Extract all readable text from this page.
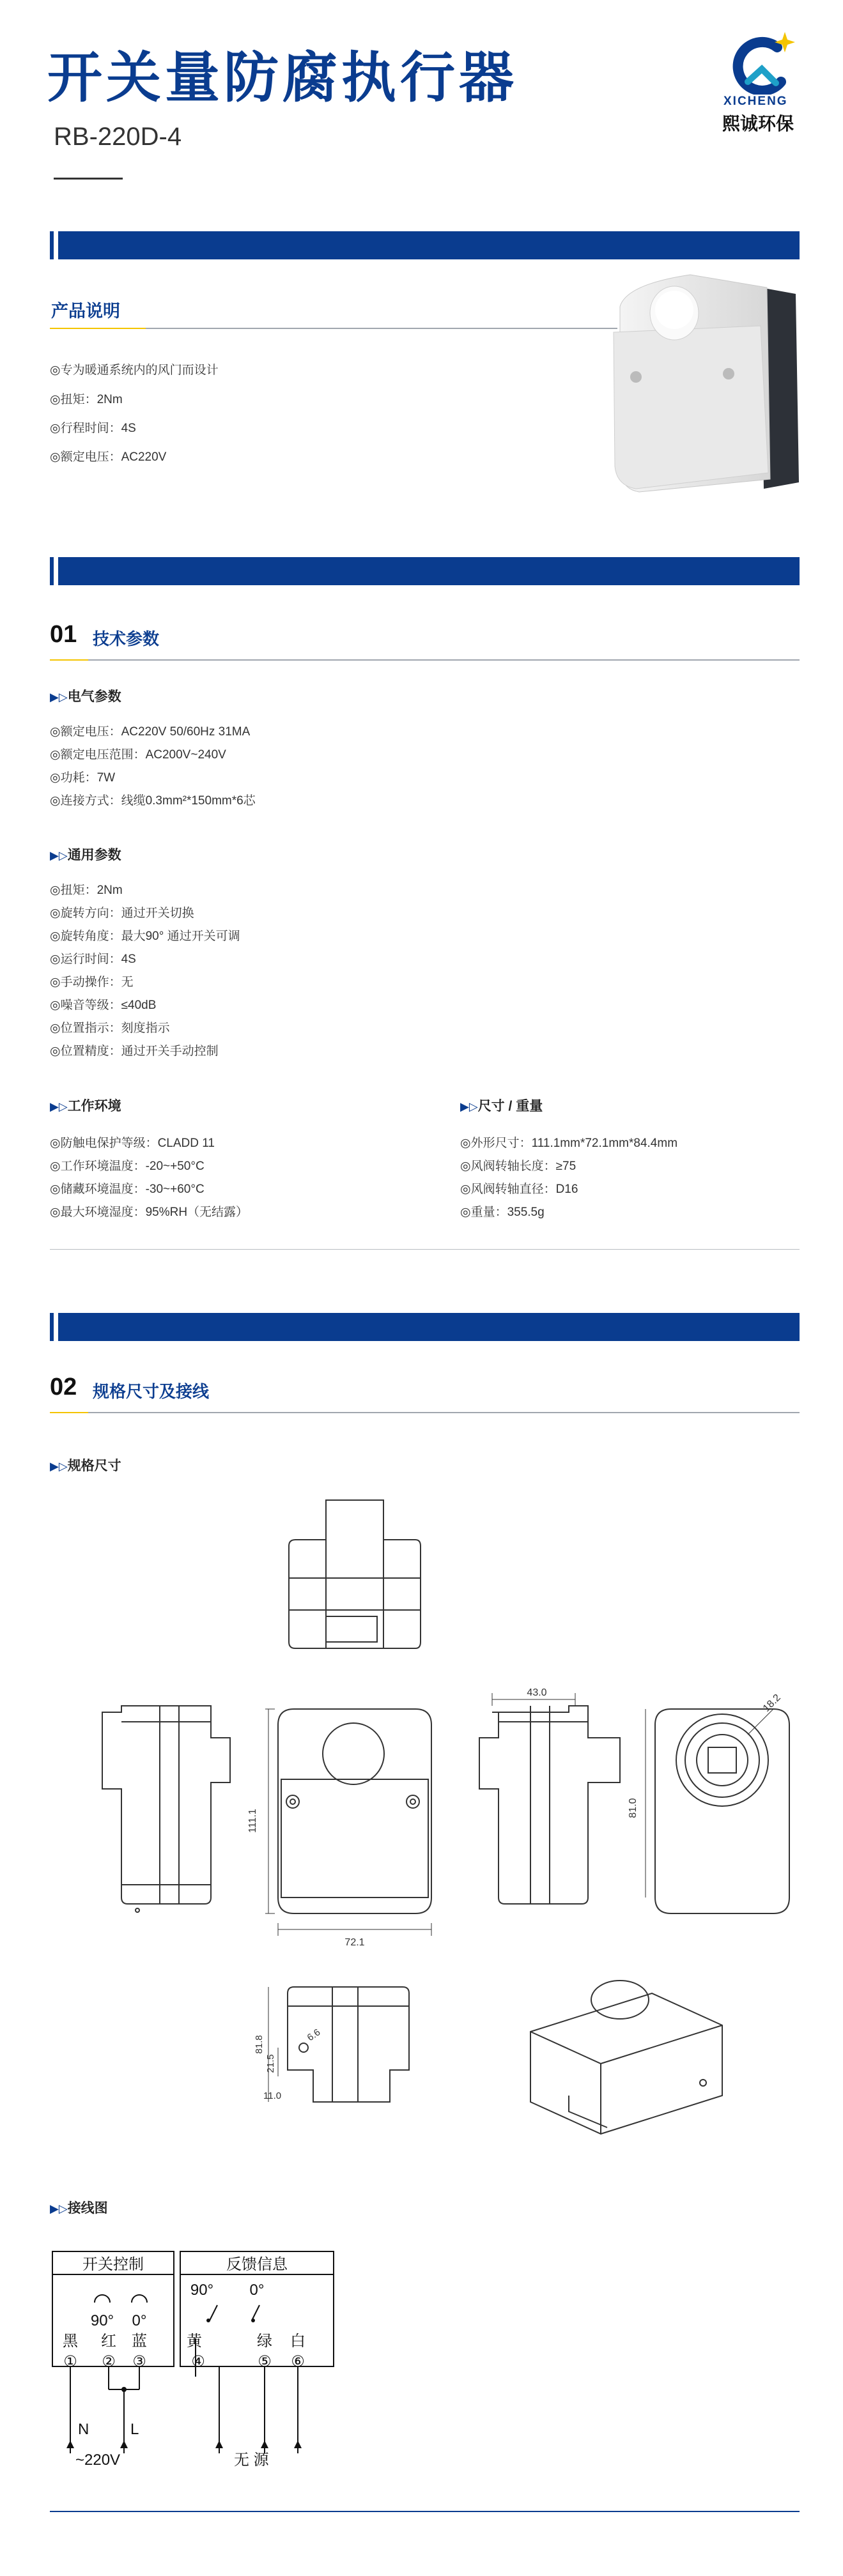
开关量防腐执行器
RB-220D-4
XICHENG
熙诚环保
产品说明
◎专为暖通系统内的风门而设计
◎扭矩：2Nm
◎行程时间：4S
◎额定电压：AC220V
01 技术参数
▶▷电气参数
◎额定电压：AC220V 50/60Hz 31MA
◎额定电压范围：AC200V~240V
◎功耗：7W
◎连接方式：线缆0.3mm²*150mm*6芯
▶▷通用参数
◎扭矩：2Nm
◎旋转方向：通过开关切换
◎旋转角度：最大90° 通过开关可调
◎运行时间：4S
◎手动操作：无
◎噪音等级：≤40dB
◎位置指示：刻度指示
◎位置精度：通过开关手动控制
▶▷工作环境
◎防触电保护等级：CLADD 11
◎工作环境温度：-20~+50°C
◎储藏环境温度：-30~+60°C
◎最大环境湿度：95%RH（无结露）
▶▷尺寸 / 重量
◎外形尺寸：111.1mm*72.1mm*84.4mm
◎风阀转轴长度：≥75
◎风阀转轴直径：D16
◎重量：355.5g
02 规格尺寸及接线
▶▷规格尺寸
111.1
72.1
43.0	18.2
81.0
81.8
21.5
11.0
6.6
▶▷接线图
开关控制	反馈信息
90° 0°
90° 0°
黑 红 蓝	黄	绿 白
① ② ③	④	⑤ ⑥
N	L
~220V	无 源
